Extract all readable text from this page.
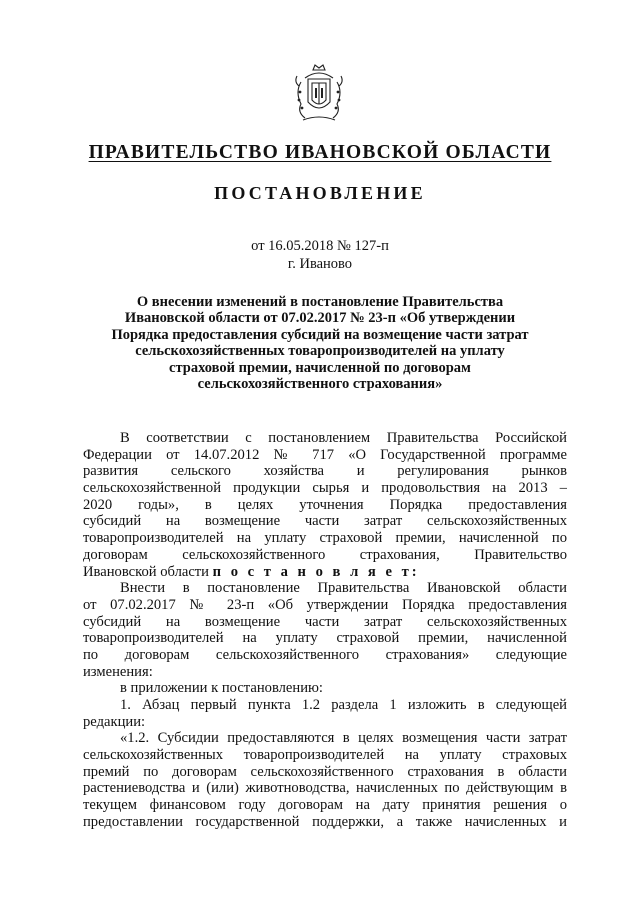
ПРАВИТЕЛЬСТВО ИВАНОВСКОЙ ОБЛАСТИ
ПОСТАНОВЛЕНИЕ
от 16.05.2018 № 127-п
г. Иваново
О внесении изменений в постановление Правительства
Ивановской области от 07.02.2017 № 23-п «Об утверждении
Порядка предоставления субсидий на возмещение части затрат
сельскохозяйственных товаропроизводителей на уплату
страховой премии, начисленной по договорам
сельскохозяйственного страхования»
В соответствии с постановлением Правительства Российской
Федерации от 14.07.2012 № 717 «О Государственной программе
развития сельского хозяйства и регулирования рынков
сельскохозяйственной продукции сырья и продовольствия на 2013 –
2020 годы», в целях уточнения Порядка предоставления
субсидий на возмещение части затрат сельскохозяйственных
товаропроизводителей на уплату страховой премии, начисленной по
договорам сельскохозяйственного страхования, Правительство
Ивановской области п о с т а н о в л я е т:
Внести в постановление Правительства Ивановской области
от 07.02.2017 № 23-п «Об утверждении Порядка предоставления
субсидий на возмещение части затрат сельскохозяйственных
товаропроизводителей на уплату страховой премии, начисленной
по договорам сельскохозяйственного страхования» следующие
изменения:
в приложении к постановлению:
1. Абзац первый пункта 1.2 раздела 1 изложить в следующей
редакции:
«1.2. Субсидии предоставляются в целях возмещения части затрат
сельскохозяйственных товаропроизводителей на уплату страховых
премий по договорам сельскохозяйственного страхования в области
растениеводства и (или) животноводства, начисленных по действующим в
текущем финансовом году договорам на дату принятия решения о
предоставлении государственной поддержки, а также начисленных и
